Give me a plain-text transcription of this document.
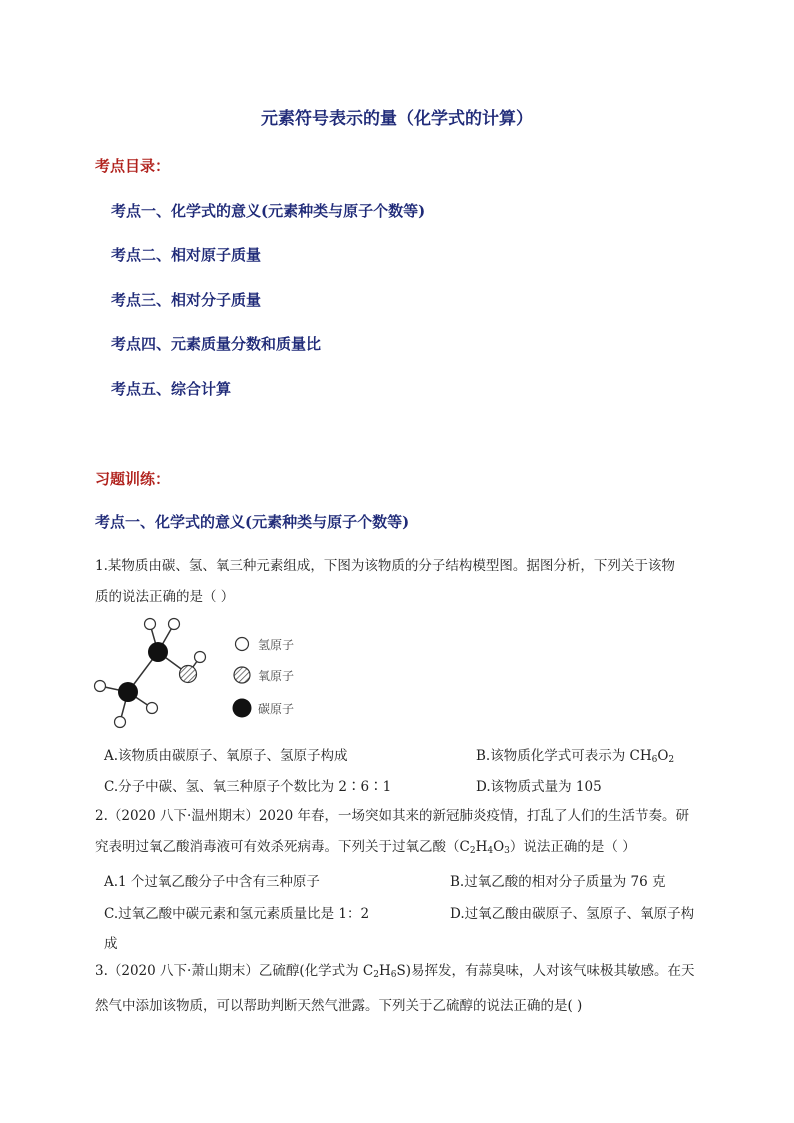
元素符号表示的量（化学式的计算）
考点目录：
考点一、化学式的意义(元素种类与原子个数等)
考点二、相对原子质量
考点三、相对分子质量
考点四、元素质量分数和质量比
考点五、综合计算
习题训练：
考点一、化学式的意义(元素种类与原子个数等)
1.某物质由碳、氢、氧三种元素组成，下图为该物质的分子结构模型图。据图分析，下列关于该物
质的说法正确的是（ ）
氢原子
氧原子
碳原子
A.该物质由碳原子、氧原子、氢原子构成	B.该物质化学式可表示为 $CH_6O_2$
C.分子中碳、氢、氧三种原子个数比为 2∶6∶1	D.该物质式量为 105
2.（2020 八下·温州期末）2020 年春，一场突如其来的新冠肺炎疫情，打乱了人们的生活节奏。研
究表明过氧乙酸消毒液可有效杀死病毒。下列关于过氧乙酸$(C_2H_4O_3)$说法正确的是（ ）
A.1 个过氧乙酸分子中含有三种原子	B.过氧乙酸的相对分子质量为 76 克
C.过氧乙酸中碳元素和氢元素质量比是 1：2	D.过氧乙酸由碳原子、氢原子、氧原子构
成
3.（2020 八下·萧山期末）乙硫醇(化学式为 $C_2H_6S$)易挥发，有蒜臭味，人对该气味极其敏感。在天
然气中添加该物质，可以帮助判断天然气泄露。下列关于乙硫醇的说法正确的是( )
